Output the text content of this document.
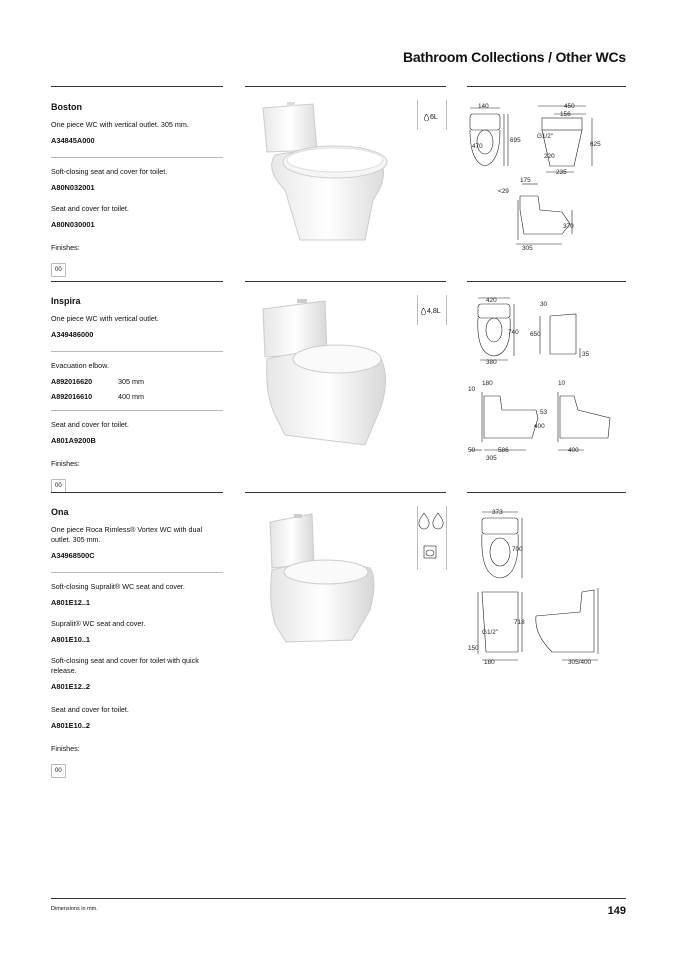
Bathroom Collections / Other WCs
Boston
One piece WC with vertical outlet. 305 mm.
A34845A000
Soft-closing seat and cover for toilet.
A80N032001
Seat and cover for toilet.
A80N030001
Finishes:
00
6L
140
470
695
450
156
G1/2"
220
625
235
175
<29
370
305
Inspira
One piece WC with vertical outlet.
A349486000
Evacuation elbow.
A892016620	305 mm
A892016610	400 mm
Seat and cover for toilet.
A801A9200B
Finishes:
00
4,8L
420
740 650
30
380
35
180
10
53
400
50	586
305
10
400
Ona
One piece Roca Rimless® Vortex WC with dual outlet. 305 mm.
A34968500C
Soft-closing Supralit® WC seat and cover.
A801E12..1
Supralit® WC seat and cover.
A801E10..1
Soft-closing seat and cover for toilet with quick release.
A801E12..2
Seat and cover for toilet.
A801E10..2
Finishes:
00
373
700
718
G1/2"
150
180	305/400
Dimensions in mm.	149
